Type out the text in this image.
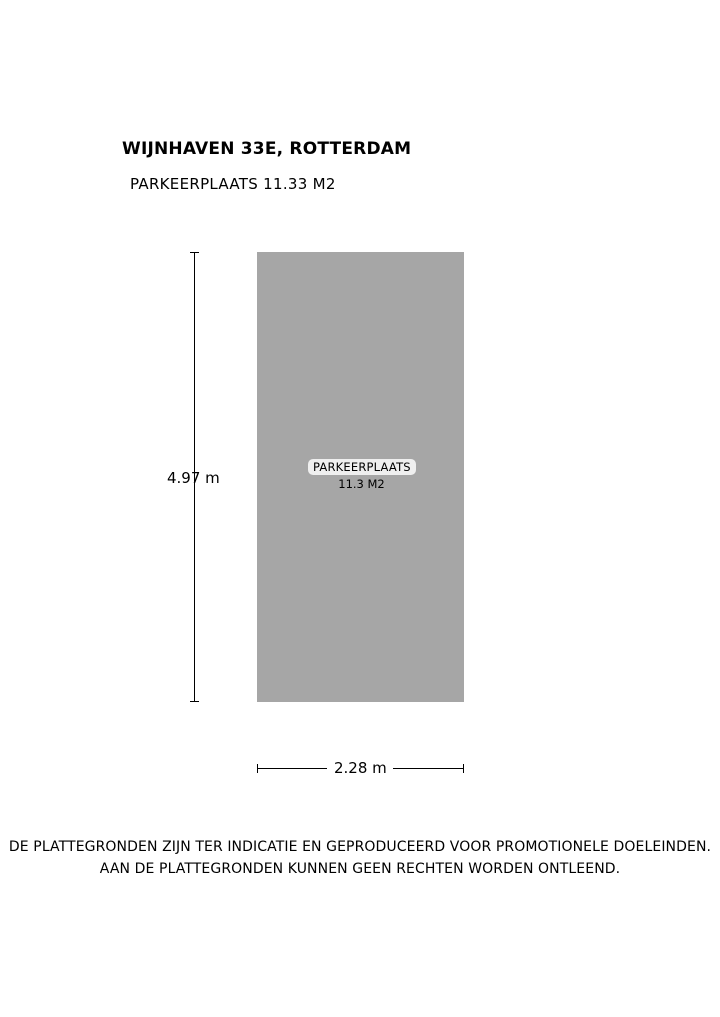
WIJNHAVEN 33E, ROTTERDAM
PARKEERPLAATS 11.33 M2
PARKEERPLAATS
11.3 M2
4.97 m
2.28 m
DE PLATTEGRONDEN ZIJN TER INDICATIE EN GEPRODUCEERD VOOR PROMOTIONELE DOELEINDEN.
AAN DE PLATTEGRONDEN KUNNEN GEEN RECHTEN WORDEN ONTLEEND.
